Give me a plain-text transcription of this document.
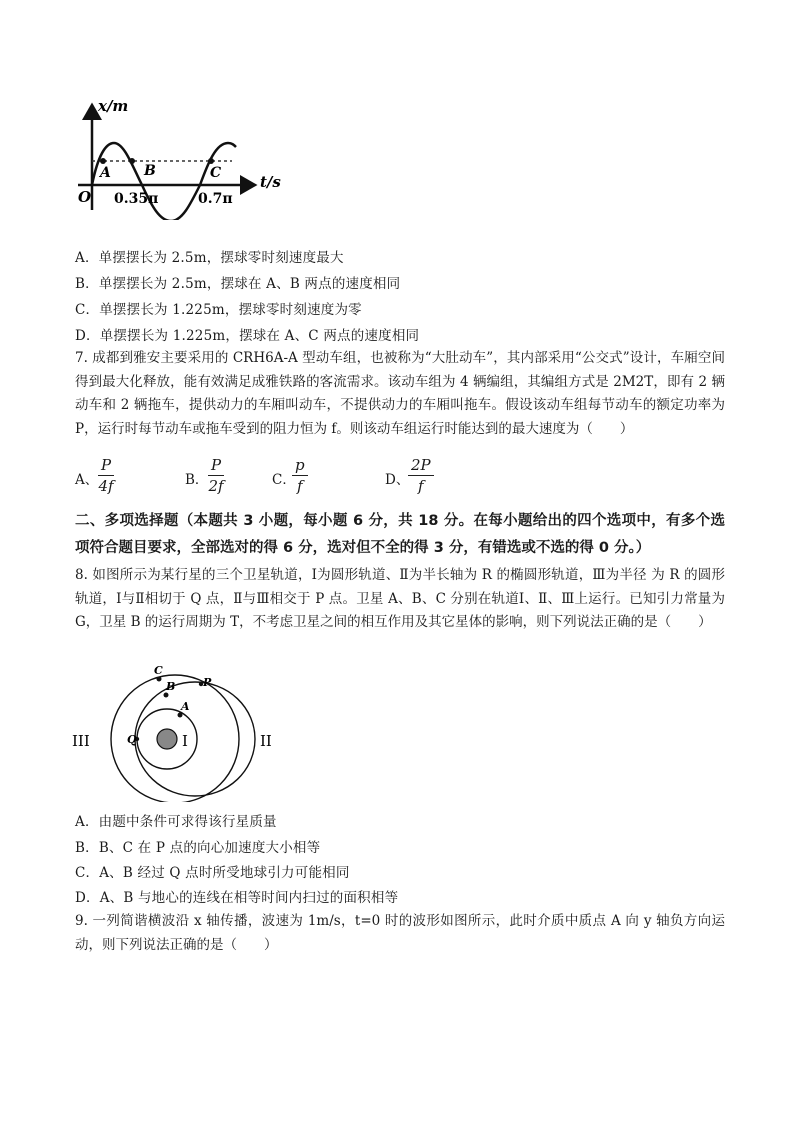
x/m
t/s
O
A B	C
0.35π	0.7π
A．单摆摆长为 2.5m，摆球零时刻速度最大
B．单摆摆长为 2.5m，摆球在 A、B 两点的速度相同
C．单摆摆长为 1.225m，摆球零时刻速度为零
D．单摆摆长为 1.225m，摆球在 A、C 两点的速度相同
7. 成都到雅安主要采用的 CRH6A-A 型动车组，也被称为“大肚动车”，其内部采用“公交式”设计，车厢空间得到最大化释放，能有效满足成雅铁路的客流需求。该动车组为 4 辆编组，其编组方式是 2M2T，即有 2 辆动车和 2 辆拖车，提供动力的车厢叫动车，不提供动力的车厢叫拖车。假设该动车组每节动车的额定功率为 P，运行时每节动车或拖车受到的阻力恒为 f。则该动车组运行时能达到的最大速度为（　　）
A、 $\frac{P}{4f}$	B． $\frac{P}{2f}$	C．
$\frac{p}{f}$	D、
$\frac{2P}{f}$
二、多项选择题（本题共 3 小题，每小题 6 分，共 18 分。在每小题给出的四个选项中，有多个选项符合题目要求，全部选对的得 6 分，选对但不全的得 3 分，有错选或不选的得 0 分。）
8. 如图所示为某行星的三个卫星轨道，Ⅰ为圆形轨道、Ⅱ为半长轴为 R 的椭圆形轨道，Ⅲ为半径 为 R 的圆形轨道，Ⅰ与Ⅱ相切于 Q 点，Ⅱ与Ⅲ相交于 P 点。卫星 A、B、C 分别在轨道Ⅰ、Ⅱ、Ⅲ上运行。已知引力常量为 G，卫星 B 的运行周期为 T，不考虑卫星之间的相互作用及其它星体的影响，则下列说法正确的是（　　）
C
B	P
A
Q	I	II
III
A．由题中条件可求得该行星质量
B．B、C 在 P 点的向心加速度大小相等
C．A、B 经过 Q 点时所受地球引力可能相同
D．A、B 与地心的连线在相等时间内扫过的面积相等
9. 一列简谐横波沿 x 轴传播，波速为 1m/s，t=0 时的波形如图所示，此时介质中质点 A 向 y 轴负方向运动，则下列说法正确的是（　　）
